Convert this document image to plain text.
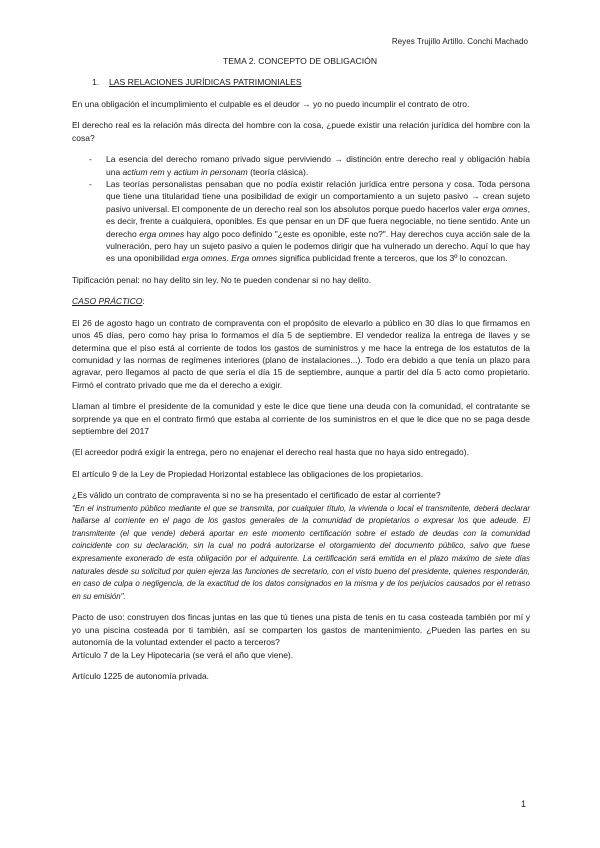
Reyes Trujillo Artillo. Conchi Machado
TEMA 2. CONCEPTO DE OBLIGACIÓN
1. LAS RELACIONES JURÍDICAS PATRIMONIALES

En una obligación el incumplimiento el culpable es el deudor → yo no puedo incumplir el contrato de otro.

El derecho real es la relación más directa del hombre con la cosa, ¿puede existir una relación jurídica del hombre con la cosa?

- La esencia del derecho romano privado sigue perviviendo → distinción entre derecho real y obligación había una actium rem y actium in personam (teoría clásica).
- Las teorías personalistas pensaban que no podía existir relación jurídica entre persona y cosa. Toda persona que tiene una titularidad tiene una posibilidad de exigir un comportamiento a un sujeto pasivo → crean sujeto pasivo universal. El componente de un derecho real son los absolutos porque puedo hacerlos valer erga omnes, es decir, frente a cualquiera, oponibles. Es que pensar en un DF que fuera negociable, no tiene sentido. Ante un derecho erga omnes hay algo poco definido "¿este es oponible, este no?". Hay derechos cuya acción sale de la vulneración, pero hay un sujeto pasivo a quien le podemos dirigir que ha vulnerado un derecho. Aquí lo que hay es una oponibilidad erga omnes. Erga omnes significa publicidad frente a terceros, que los 3º lo conozcan.

Tipificación penal: no hay delito sin ley. No te pueden condenar si no hay delito.

CASO PRÁCTICO:

El 26 de agosto hago un contrato de compraventa con el propósito de elevarlo a público en 30 días lo que firmamos en unos 45 días, pero como hay prisa lo formamos el día 5 de septiembre. El vendedor realiza la entrega de llaves y se determina que el piso está al corriente de todos los gastos de suministros y me hace la entrega de los estatutos de la comunidad y las normas de regímenes interiores (plano de instalaciones...). Todo era debido a que tenía un plazo para agravar, pero llegamos al pacto de que sería el día 15 de septiembre, aunque a partir del día 5 acto como propietario. Firmó el contrato privado que me da el derecho a exigir.

Llaman al timbre el presidente de la comunidad y este le dice que tiene una deuda con la comunidad, el contratante se sorprende ya que en el contrato firmó que estaba al corriente de los suministros en el que le dice que no se paga desde septiembre del 2017

(El acreedor podrá exigir la entrega, pero no enajenar el derecho real hasta que no haya sido entregado).

El artículo 9 de la Ley de Propiedad Horizontal establece las obligaciones de los propietarios.

¿Es válido un contrato de compraventa si no se ha presentado el certificado de estar al corriente?
"En el instrumento público mediante el que se transmita, por cualquier título, la vivienda o local el transmitente, deberá declarar hallarse al corriente en el pago de los gastos generales de la comunidad de propietarios o expresar los que adeude. El transmitente (el que vende) deberá aportar en este momento certificación sobre el estado de deudas con la comunidad coincidente con su declaración, sin la cual no podrá autorizarse el otorgamiento del documento público, salvo que fuese expresamente exonerado de esta obligación por el adquirente. La certificación será emitida en el plazo máximo de siete días naturales desde su solicitud por quien ejerza las funciones de secretario, con el visto bueno del presidente, quienes responderán, en caso de culpa o negligencia, de la exactitud de los datos consignados en la misma y de los perjuicios causados por el retraso en su emisión".

Pacto de uso: construyen dos fincas juntas en las que tú tienes una pista de tenis en tu casa costeada también por mí y yo una piscina costeada por ti también, así se comparten los gastos de mantenimiento. ¿Pueden las partes en su autonomía de la voluntad extender el pacto a terceros?
Artículo 7 de la Ley Hipotecaria (se verá el año que viene).

Artículo 1225 de autonomía privada.

1
